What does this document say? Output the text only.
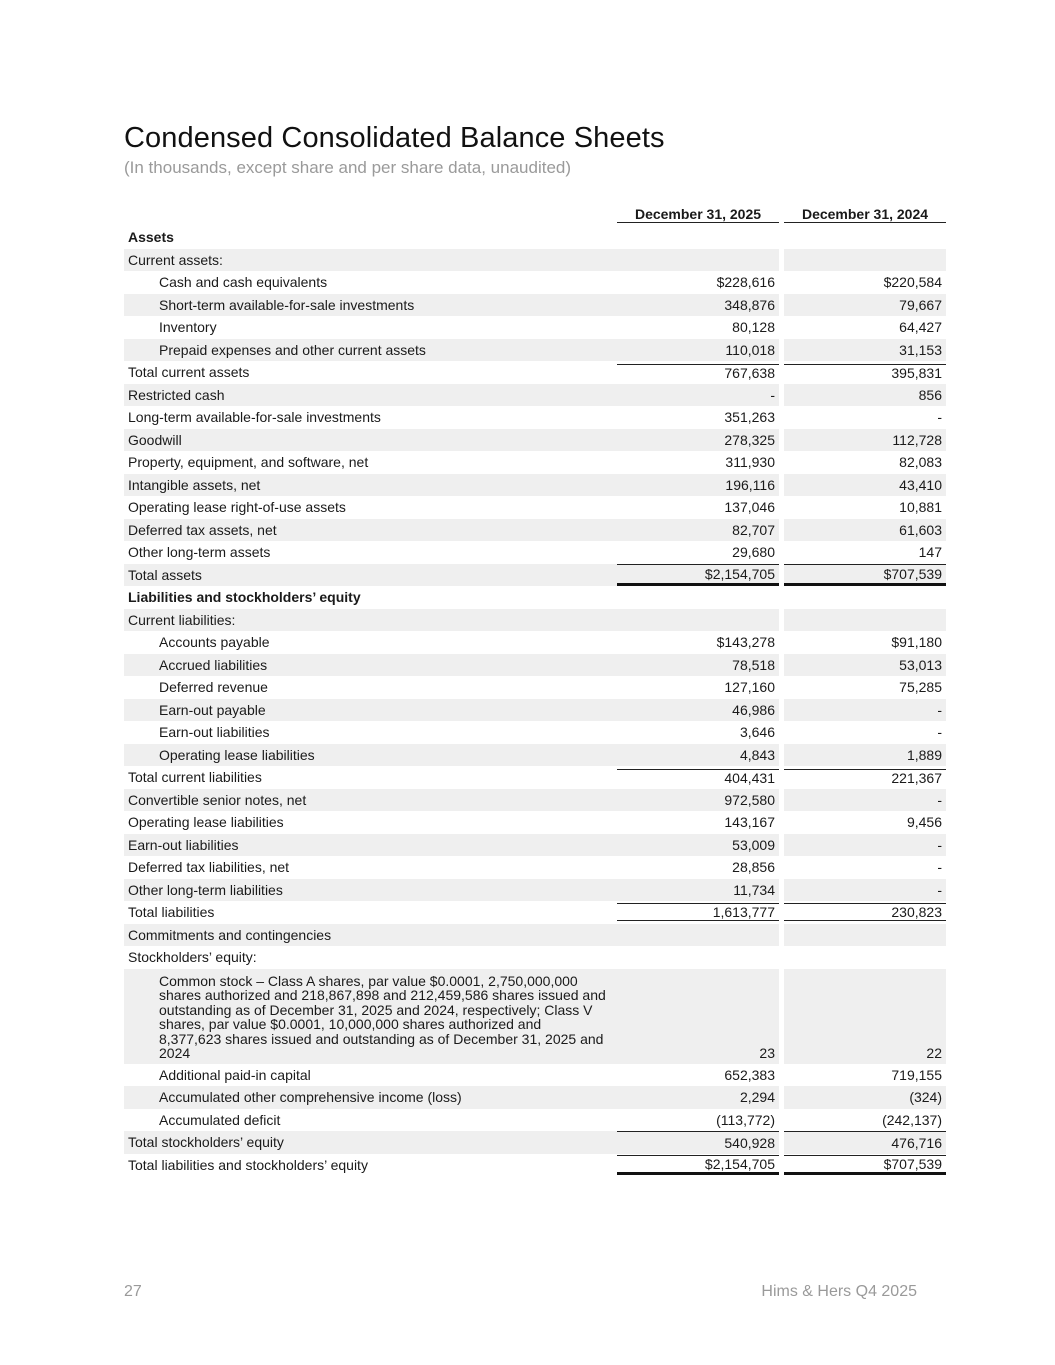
Condensed Consolidated Balance Sheets

(In thousands, except share and per share data, unaudited)

December 31, 2025	December 31, 2024
Assets
Current assets:
Cash and cash equivalents	$228,616	$220,584
Short-term available-for-sale investments	348,876	79,667
Inventory	80,128	64,427
Prepaid expenses and other current assets	110,018	31,153
Total current assets	767,638	395,831
Restricted cash	-	856
Long-term available-for-sale investments	351,263	-
Goodwill	278,325	112,728
Property, equipment, and software, net	311,930	82,083
Intangible assets, net	196,116	43,410
Operating lease right-of-use assets	137,046	10,881
Deferred tax assets, net	82,707	61,603
Other long-term assets	29,680	147
Total assets	$2,154,705	$707,539
Liabilities and stockholders’ equity
Current liabilities:
Accounts payable	$143,278	$91,180
Accrued liabilities	78,518	53,013
Deferred revenue	127,160	75,285
Earn-out payable	46,986	-
Earn-out liabilities	3,646	-
Operating lease liabilities	4,843	1,889
Total current liabilities	404,431	221,367
Convertible senior notes, net	972,580	-
Operating lease liabilities	143,167	9,456
Earn-out liabilities	53,009	-
Deferred tax liabilities, net	28,856	-
Other long-term liabilities	11,734	-
Total liabilities	1,613,777	230,823
Commitments and contingencies
Stockholders’ equity:
Common stock – Class A shares, par value $0.0001, 2,750,000,000 shares authorized and 218,867,898 and 212,459,586 shares issued and outstanding as of December 31, 2025 and 2024, respectively; Class V shares, par value $0.0001, 10,000,000 shares authorized and 8,377,623 shares issued and outstanding as of December 31, 2025 and 2024	23	22
Additional paid-in capital	652,383	719,155
Accumulated other comprehensive income (loss)	2,294	(324)
Accumulated deficit	(113,772)	(242,137)
Total stockholders’ equity	540,928	476,716
Total liabilities and stockholders’ equity	$2,154,705	$707,539
27	Hims & Hers Q4 2025
